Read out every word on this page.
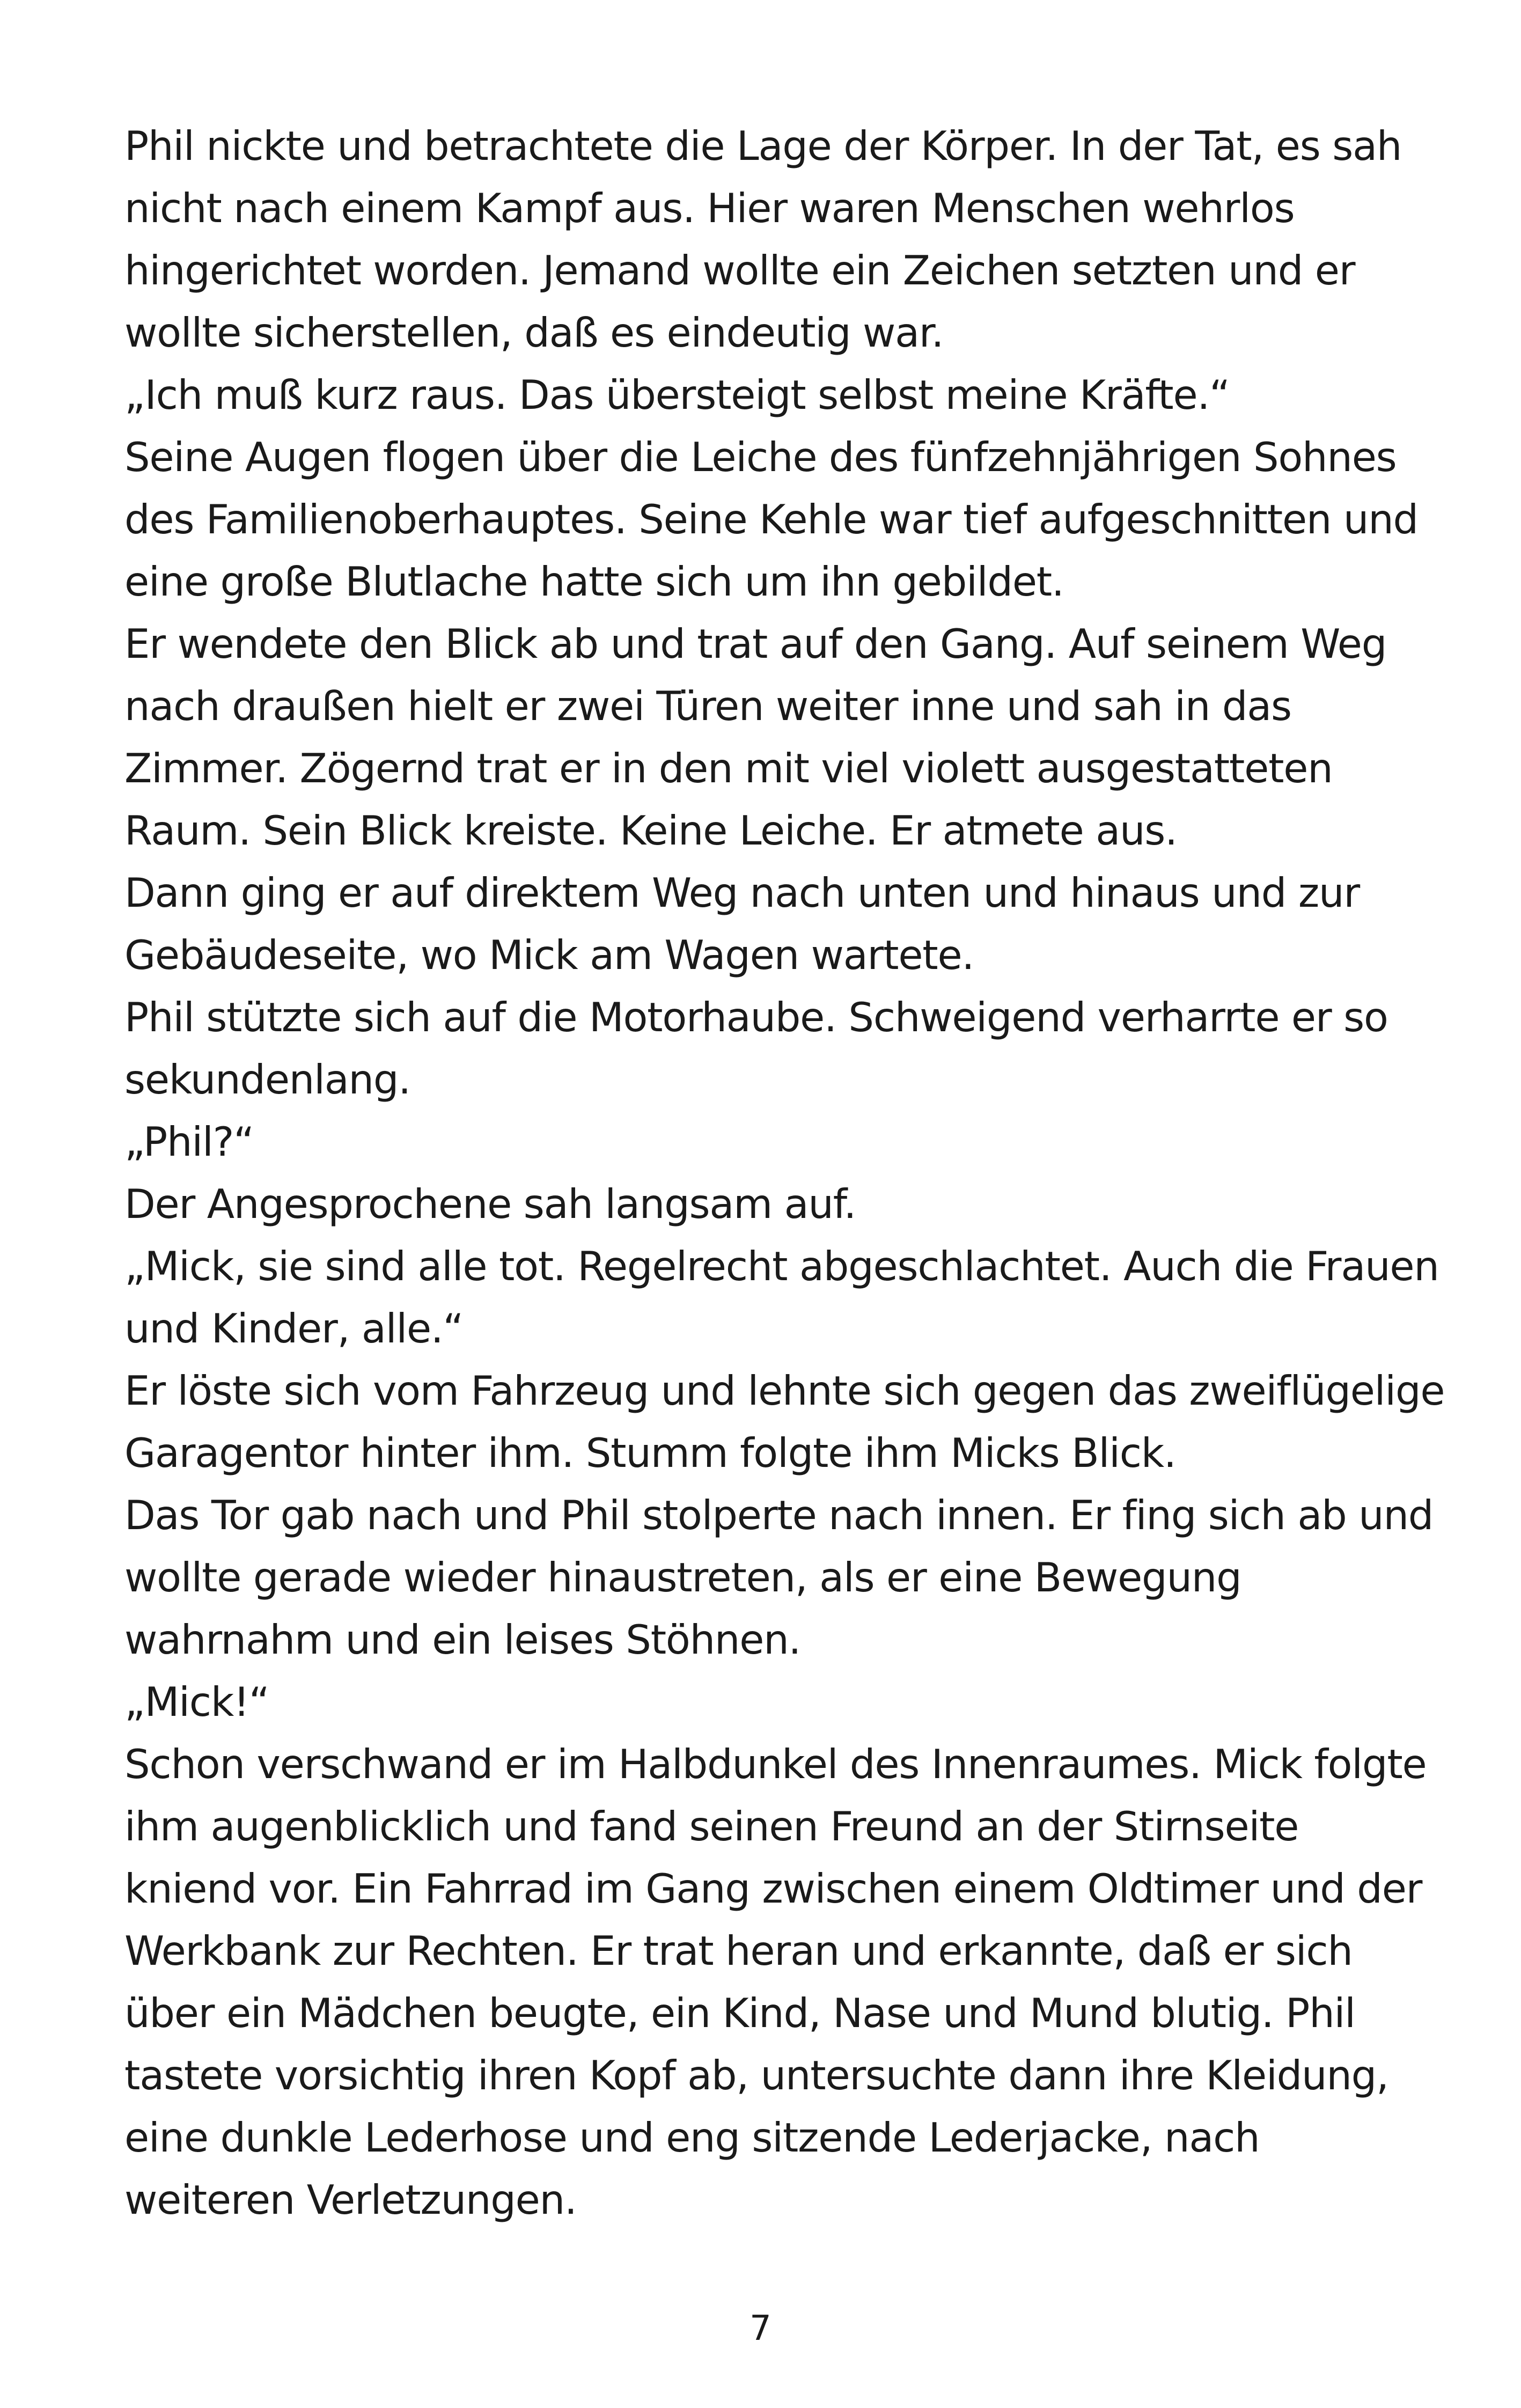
Phil nickte und betrachtete die Lage der Körper. In der Tat, es sah
nicht nach einem Kampf aus. Hier waren Menschen wehrlos
hingerichtet worden. Jemand wollte ein Zeichen setzten und er
wollte sicherstellen, daß es eindeutig war.
„Ich muß kurz raus. Das übersteigt selbst meine Kräfte.“
Seine Augen flogen über die Leiche des fünfzehnjährigen Sohnes
des Familienoberhauptes. Seine Kehle war tief aufgeschnitten und
eine große Blutlache hatte sich um ihn gebildet.
Er wendete den Blick ab und trat auf den Gang. Auf seinem Weg
nach draußen hielt er zwei Türen weiter inne und sah in das
Zimmer. Zögernd trat er in den mit viel violett ausgestatteten
Raum. Sein Blick kreiste. Keine Leiche. Er atmete aus.
Dann ging er auf direktem Weg nach unten und hinaus und zur
Gebäudeseite, wo Mick am Wagen wartete.
Phil stützte sich auf die Motorhaube. Schweigend verharrte er so
sekundenlang.
„Phil?“
Der Angesprochene sah langsam auf.
„Mick, sie sind alle tot. Regelrecht abgeschlachtet. Auch die Frauen
und Kinder, alle.“
Er löste sich vom Fahrzeug und lehnte sich gegen das zweiflügelige
Garagentor hinter ihm. Stumm folgte ihm Micks Blick.
Das Tor gab nach und Phil stolperte nach innen. Er fing sich ab und
wollte gerade wieder hinaustreten, als er eine Bewegung
wahrnahm und ein leises Stöhnen.
„Mick!“
Schon verschwand er im Halbdunkel des Innenraumes. Mick folgte
ihm augenblicklich und fand seinen Freund an der Stirnseite
kniend vor. Ein Fahrrad im Gang zwischen einem Oldtimer und der
Werkbank zur Rechten. Er trat heran und erkannte, daß er sich
über ein Mädchen beugte, ein Kind, Nase und Mund blutig. Phil
tastete vorsichtig ihren Kopf ab, untersuchte dann ihre Kleidung,
eine dunkle Lederhose und eng sitzende Lederjacke, nach
weiteren Verletzungen.
7
